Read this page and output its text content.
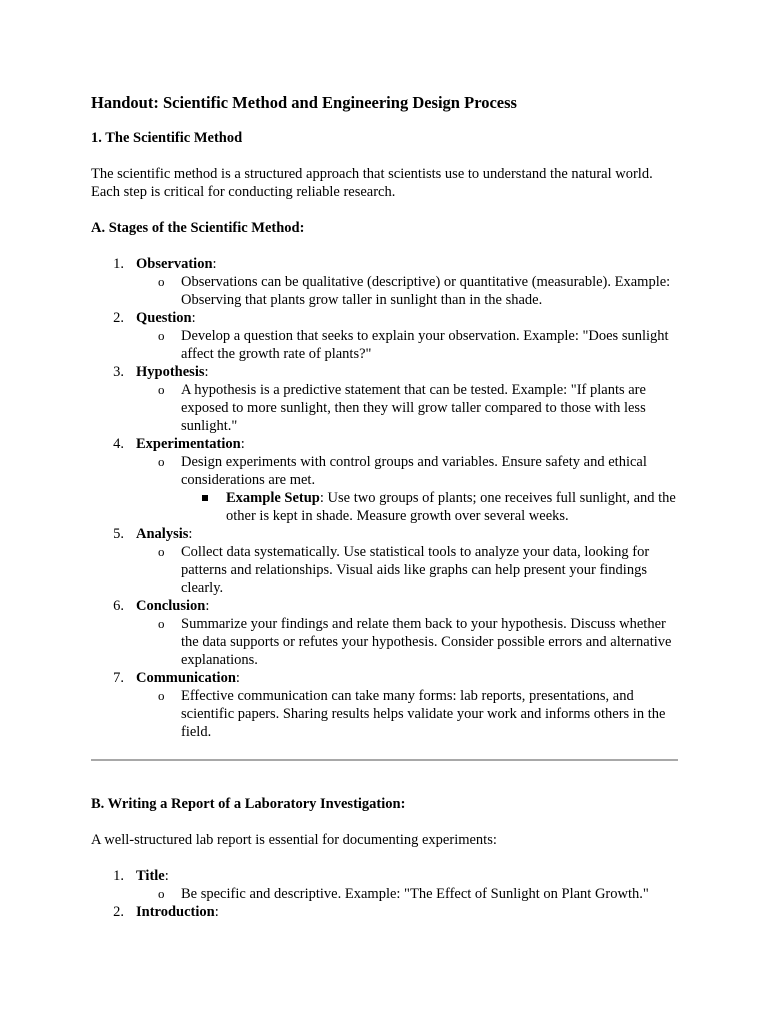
Handout: Scientific Method and Engineering Design Process
1. The Scientific Method

The scientific method is a structured approach that scientists use to understand the natural world. Each step is critical for conducting reliable research.

A. Stages of the Scientific Method:
1. Observation:
o Observations can be qualitative (descriptive) or quantitative (measurable). Example: Observing that plants grow taller in sunlight than in the shade.
2. Question:
o Develop a question that seeks to explain your observation. Example: "Does sunlight affect the growth rate of plants?"
3. Hypothesis:
o A hypothesis is a predictive statement that can be tested. Example: "If plants are exposed to more sunlight, then they will grow taller compared to those with less sunlight."
4. Experimentation:
o Design experiments with control groups and variables. Ensure safety and ethical considerations are met.
Example Setup: Use two groups of plants; one receives full sunlight, and the other is kept in shade. Measure growth over several weeks.
5. Analysis:
o Collect data systematically. Use statistical tools to analyze your data, looking for patterns and relationships. Visual aids like graphs can help present your findings clearly.
6. Conclusion:
o Summarize your findings and relate them back to your hypothesis. Discuss whether the data supports or refutes your hypothesis. Consider possible errors and alternative explanations.
7. Communication:
o Effective communication can take many forms: lab reports, presentations, and scientific papers. Sharing results helps validate your work and informs others in the field.
B. Writing a Report of a Laboratory Investigation:

A well-structured lab report is essential for documenting experiments:

1. Title:
o Be specific and descriptive. Example: "The Effect of Sunlight on Plant Growth."
2. Introduction:
